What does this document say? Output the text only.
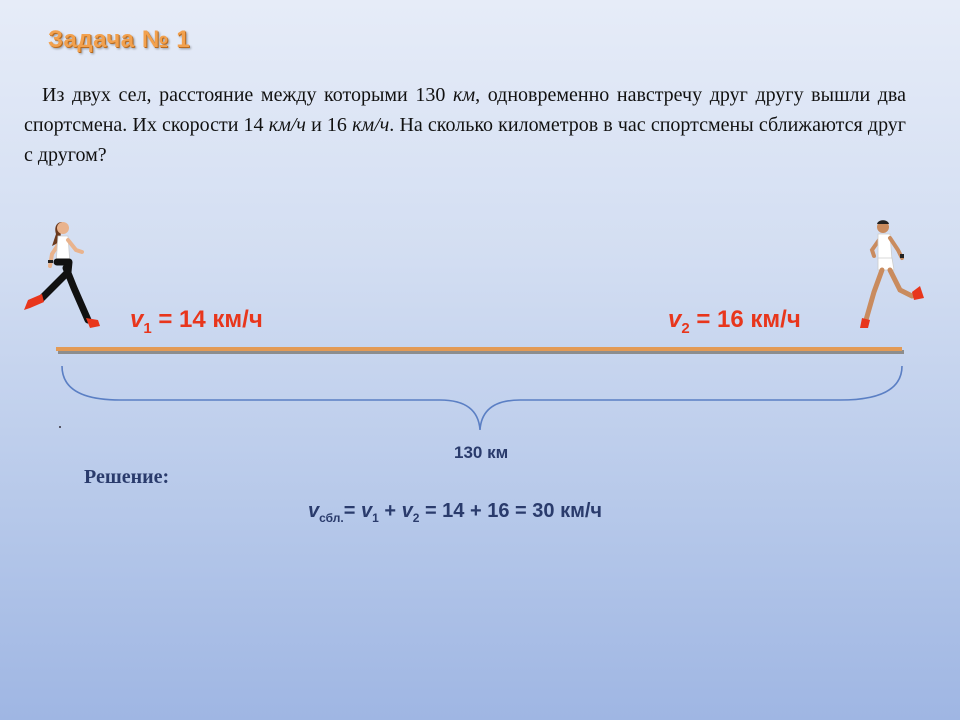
Задача № 1

Из двух сел, расстояние между которыми 130 км, одновременно навстречу друг другу вышли два спортсмена. Их скорости 14 км/ч и 16 км/ч. На сколько километров в час спортсмены сближаются друг с другом?

$v_1 = 14$ км/ч	$v_2 = 16$ км/ч
130 км
Решение:
$v_{сбл.}= v_1 + v_2 = 14 + 16 = 30$ км/ч
